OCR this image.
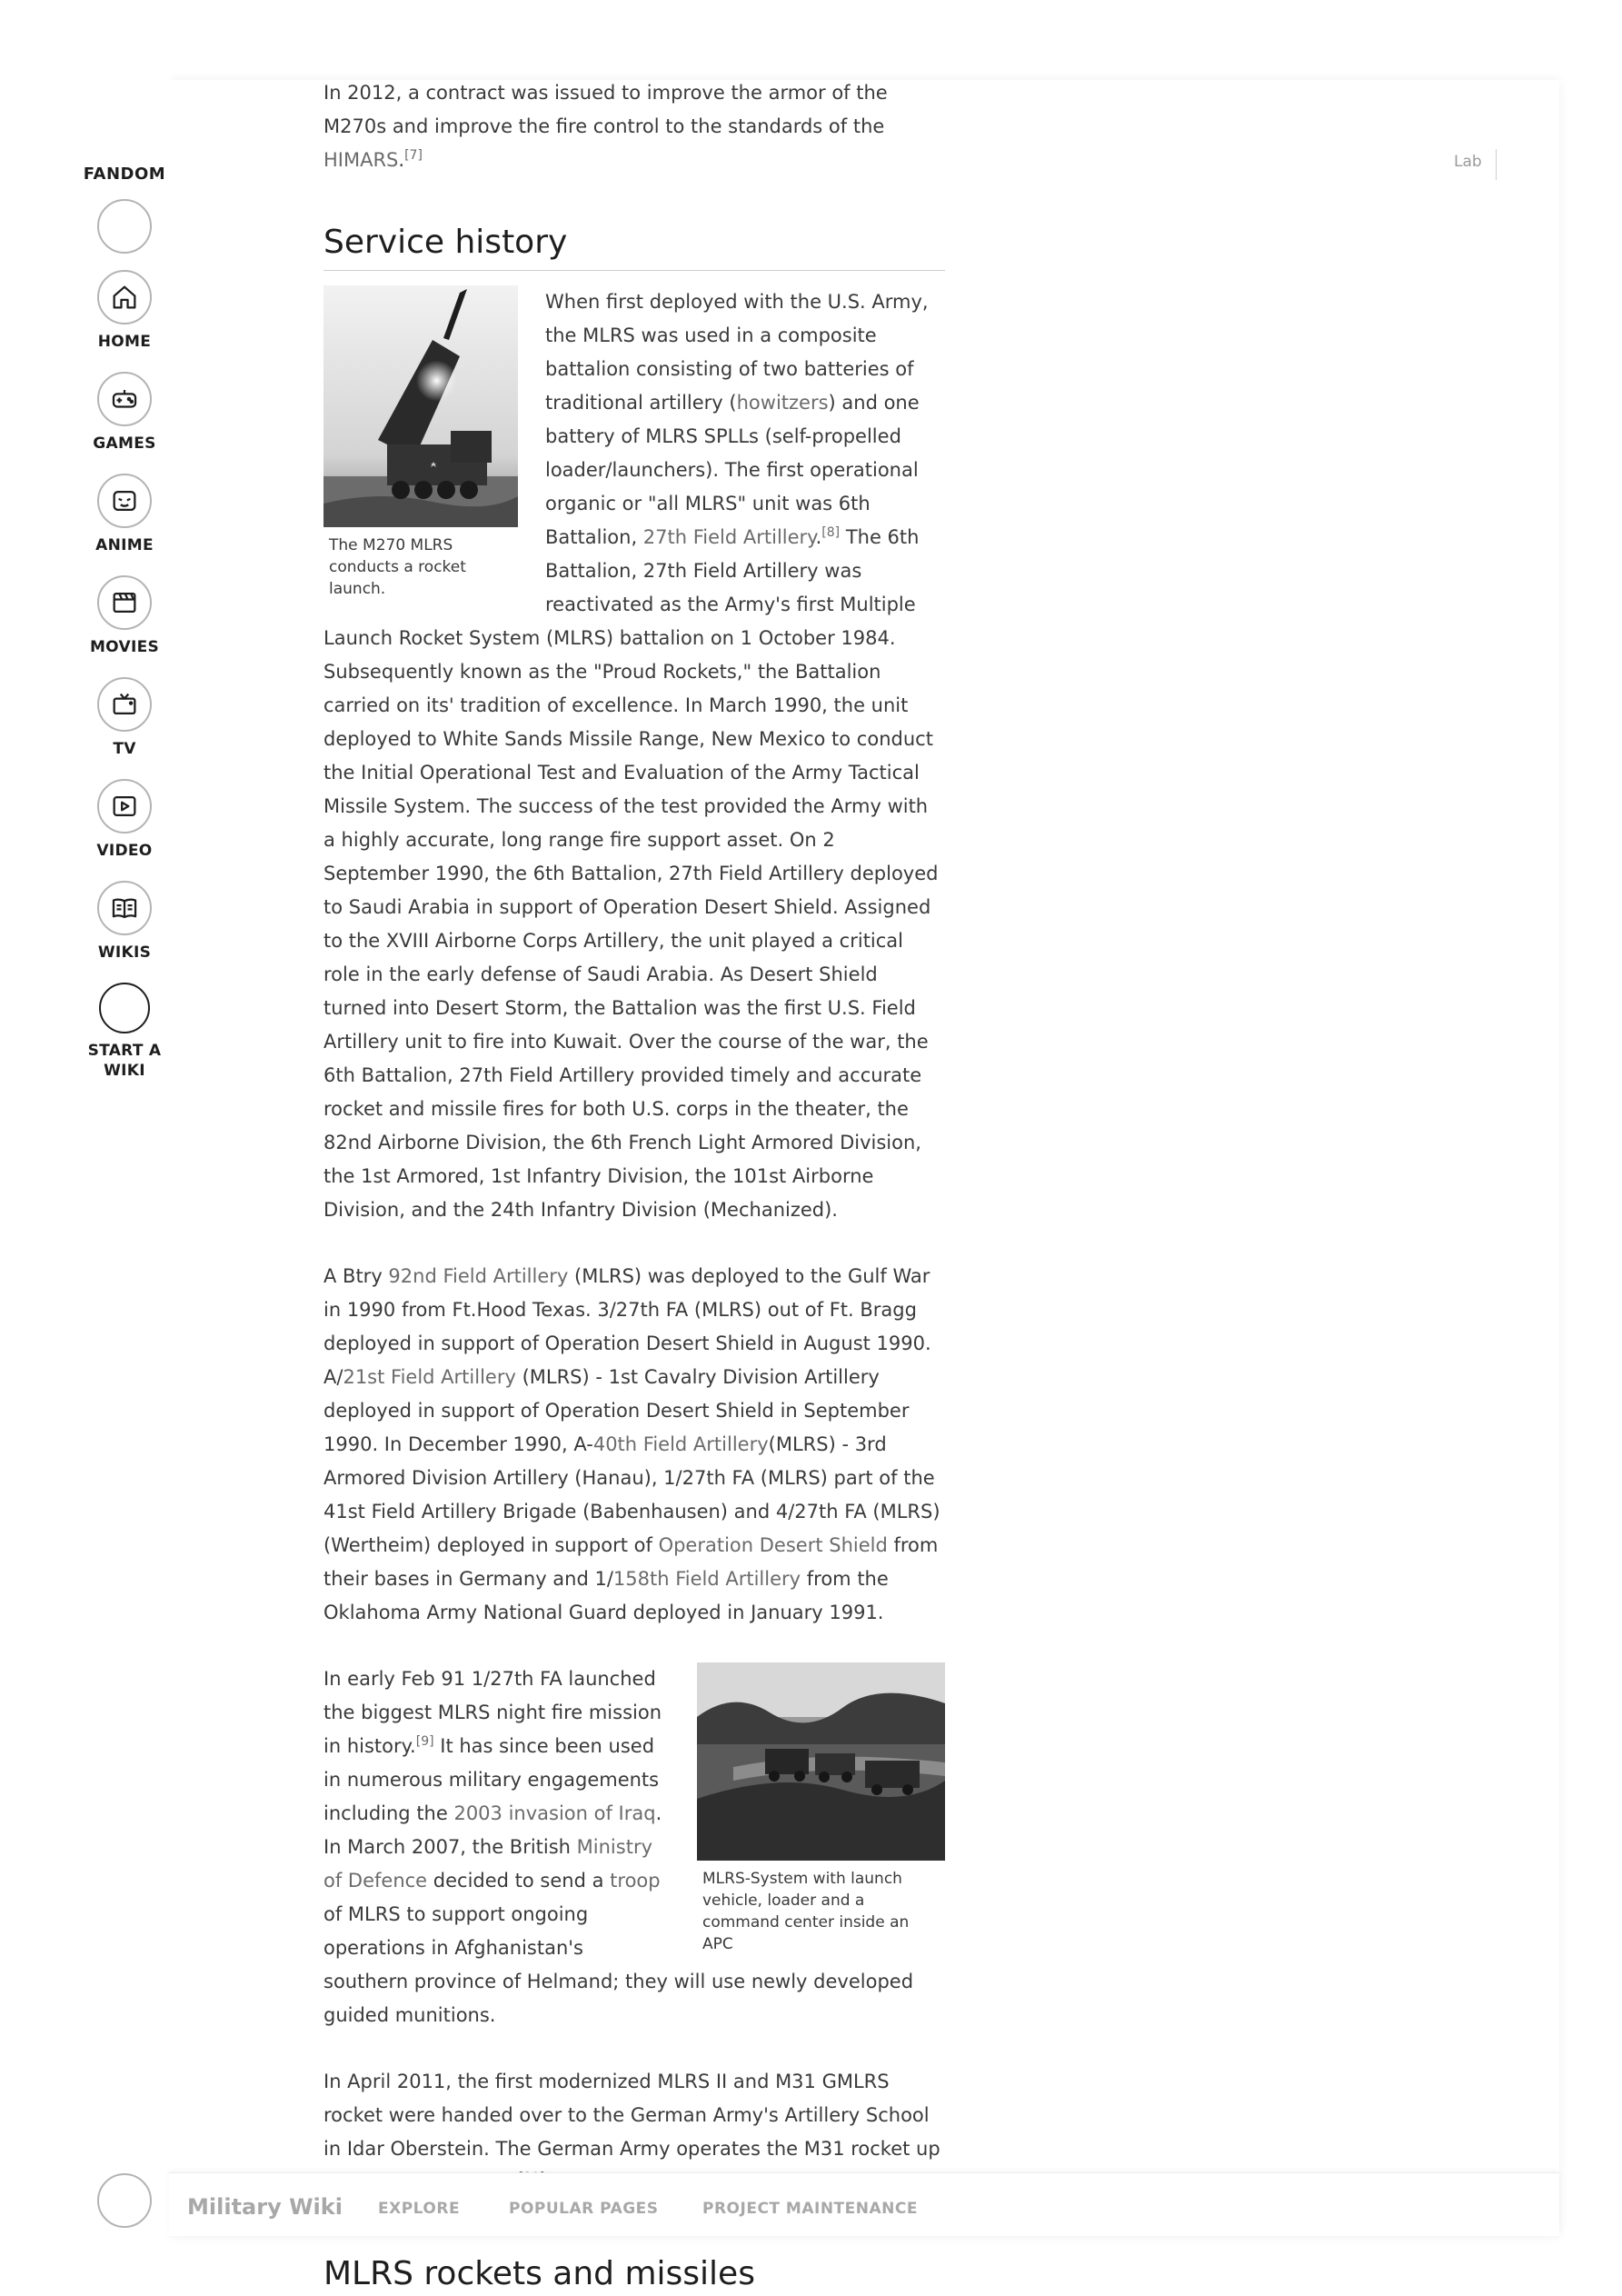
FANDOM
HOME
GAMES
ANIME
MOVIES
TV
VIDEO
WIKIS
START A WIKI
Lab

In 2012, a contract was issued to improve the armor of the M270s and improve the fire control to the standards of the HIMARS.[7]

Service history
The M270 MLRS conducts a rocket launch.

When first deployed with the U.S. Army, the MLRS was used in a composite battalion consisting of two batteries of traditional artillery (howitzers) and one battery of MLRS SPLLs (self-propelled loader/launchers). The first operational organic or "all MLRS" unit was 6th Battalion, 27th Field Artillery.[8] The 6th Battalion, 27th Field Artillery was reactivated as the Army's first Multiple Launch Rocket System (MLRS) battalion on 1 October 1984. Subsequently known as the "Proud Rockets," the Battalion carried on its' tradition of excellence. In March 1990, the unit deployed to White Sands Missile Range, New Mexico to conduct the Initial Operational Test and Evaluation of the Army Tactical Missile System. The success of the test provided the Army with a highly accurate, long range fire support asset. On 2 September 1990, the 6th Battalion, 27th Field Artillery deployed to Saudi Arabia in support of Operation Desert Shield. Assigned to the XVIII Airborne Corps Artillery, the unit played a critical role in the early defense of Saudi Arabia. As Desert Shield turned into Desert Storm, the Battalion was the first U.S. Field Artillery unit to fire into Kuwait. Over the course of the war, the 6th Battalion, 27th Field Artillery provided timely and accurate rocket and missile fires for both U.S. corps in the theater, the 82nd Airborne Division, the 6th French Light Armored Division, the 1st Armored, 1st Infantry Division, the 101st Airborne Division, and the 24th Infantry Division (Mechanized).

A Btry 92nd Field Artillery (MLRS) was deployed to the Gulf War in 1990 from Ft.Hood Texas. 3/27th FA (MLRS) out of Ft. Bragg deployed in support of Operation Desert Shield in August 1990. A/21st Field Artillery (MLRS) - 1st Cavalry Division Artillery deployed in support of Operation Desert Shield in September 1990. In December 1990, A-40th Field Artillery(MLRS) - 3rd Armored Division Artillery (Hanau), 1/27th FA (MLRS) part of the 41st Field Artillery Brigade (Babenhausen) and 4/27th FA (MLRS) (Wertheim) deployed in support of Operation Desert Shield from their bases in Germany and 1/158th Field Artillery from the Oklahoma Army National Guard deployed in January 1991.

MLRS-System with launch vehicle, loader and a command center inside an APC

In early Feb 91 1/27th FA launched the biggest MLRS night fire mission in history.[9] It has since been used in numerous military engagements including the 2003 invasion of Iraq. In March 2007, the British Ministry of Defence decided to send a troop of MLRS to support ongoing operations in Afghanistan's southern province of Helmand; they will use newly developed guided munitions.

In April 2011, the first modernized MLRS II and M31 GMLRS rocket were handed over to the German Army's Artillery School in Idar Oberstein. The German Army operates the M31 rocket up

MLRS rockets and missiles
Military Wiki EXPLORE	POPULAR PAGES	PROJECT MAINTENANCE
